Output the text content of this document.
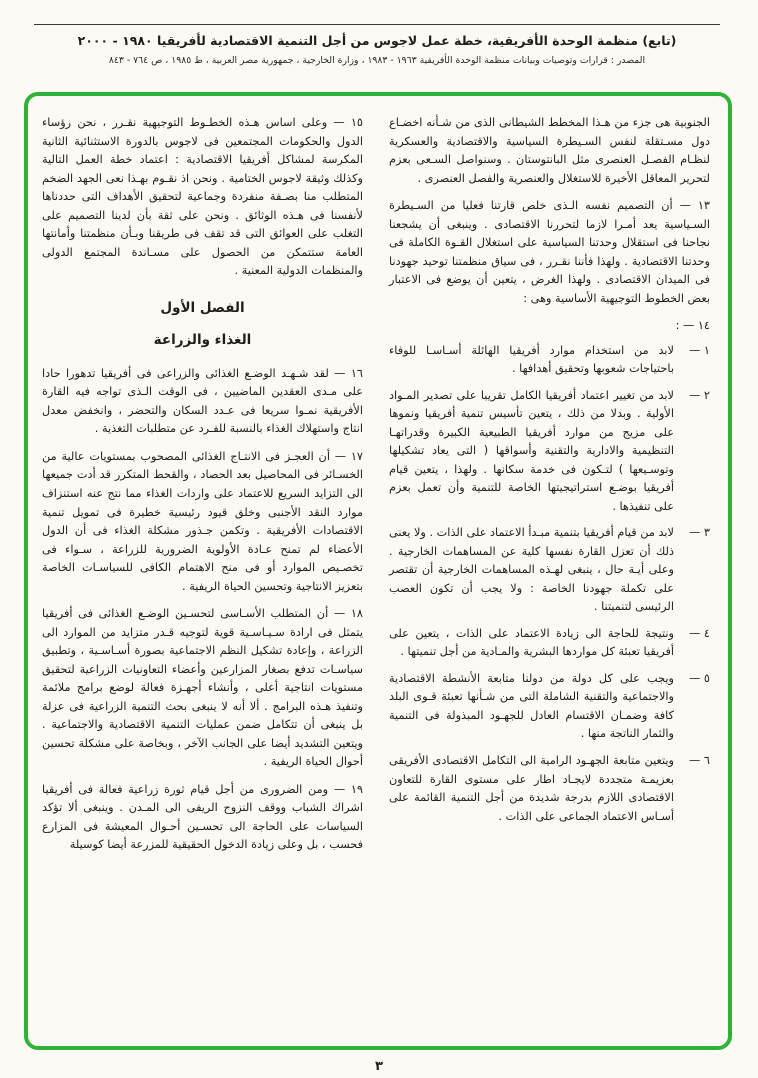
(تابع) منظمة الوحدة الأفريقية، خطة عمل لاجوس من أجل التنمية الاقتصادية لأفريقيا ١٩٨٠ - ٢٠٠٠
المصدر : قرارات وتوصيات وبيانات منظمة الوحدة الأفريقية ١٩٦٣ - ١٩٨٣ ، وزارة الخارجية ، جمهورية مصر العربية ، ط ١٩٨٥ ، ص ٧٦٤ - ٨٤٣

الجنوبية هى جزء من هـذا المخطط الشيطانى الذى من شـأنه اخضـاع دول مسـتقلة لنفس السـيطرة السياسية والاقتصادية والعسكرية لنظـام الفصـل العنصرى مثل البانتوستان . وسنواصل السـعى بعزم لتحرير المعاقل الأخيرة للاستغلال والعنصرية والفصل العنصرى .

١٣ — أن التصميم نفسه الـذى خلص قارتنا فعليا من السـيطرة السـياسية يعد أمـرا لازما لتحررنا الاقتصادى . وينبغى أن يشجعنا نجاحنا فى استقلال وحدتنا السياسية على استغلال القـوة الكاملة فى وحدتنا الاقتصادية . ولهذا فأننا نقـرر ، فى سياق منظمتنا توحيد جهودنا فى الميدان الاقتصادى . ولهذا الغرض ، يتعين أن يوضع فى الاعتبار بعض الخطوط التوجيهية الأساسية وهى :

١٤ — :

١ —
لابد من استخدام موارد أفريقيا الهائلة أسـاسـا للوفاء باحتياجات شعوبها وتحقيق أهدافها .
٢ —
لابد من تغيير اعتماد أفريقيا الكامل تقريبا على تصدير المـواد الأولية . وبدلا من ذلك ، يتعين تأسيس تنمية أفريقيا ونموها على مزيج من موارد أفريقيا الطبيعية الكبيرة وقدراتهـا التنظيمية والادارية والتقنية وأسواقها ( التى يعاد تشكيلها وتوسـيعها ) لتـكون فى خدمة سكانها . ولهذا ، يتعين قيام أفريقيا بوضـع استراتيجيتها الخاصة للتنمية وأن تعمل بعزم على تنفيذها .
٣ —
لابد من قيام أفريقيا بتنمية مبـدأ الاعتماد على الذات . ولا يعنى ذلك أن تعزل القارة نفسها كلية عن المساهمات الخارجية . وعلى أيـة حال ، ينبغى لهـذه المساهمات الخارجية أن تقتصر على تكملة جهودنا الخاصة : ولا يجب أن تكون العصب الرئيسى لتنميتنا .
٤ —
ونتيجة للحاجة الى زيادة الاعتماد على الذات ، يتعين على أفريقيا تعبئة كل مواردها البشرية والمـادية من أجل تنميتها .
٥ —
ويجب على كل دولة من دولنا متابعة الأنشطة الاقتصادية والاجتماعية والتقنية الشاملة التى من شـأنها تعبئة قـوى البلد كافة وضمـان الاقتسام العادل للجهـود المبذولة فى التنمية والثمار الناتجة منها .
٦ —
ويتعين متابعة الجهـود الرامية الى التكامل الاقتصادى الأفريقى بعزيمـة متجددة لايجـاد اطار على مستوى القارة للتعاون الاقتصادى اللازم بدرجة شديدة من أجل التنمية القائمة على أسـاس الاعتماد الجماعى على الذات .

١٥ — وعلى اساس هـذه الخطـوط التوجيهية نقـرر ، نحن رؤساء الدول والحكومات المجتمعين فى لاجوس بالدورة الاستثنائية الثانية المكرسة لمشاكل أفريقيا الاقتصادية : اعتماد خطة العمل التالية وكذلك وثيقة لاجوس الختامية . ونحن اذ نقـوم بهـذا نعى الجهد الضخم المتطلب منا بصـفة منفردة وجماعية لتحقيق الأهداف التى حددناها لأنفسنا فى هـذه الوثائق . ونحن على ثقة بأن لدينا التصميم على التغلب على العوائق التى قد تقف فى طريقنا وبـأن منظمتنا وأمانتها العامة ستتمكن من الحصول على مسـاندة المجتمع الدولى والمنظمات الدولية المعنية .

الفصل الأول
الغذاء والزراعة

١٦ — لقد شـهـد الوضـع الغذائى والزراعى فى أفريقيا تدهورا حادا على مـدى العقدين الماضيين ، فى الوقت الـذى تواجه فيه القارة الأفريقية نمـوا سريعا فى عـدد السكان والتحضر ، وانخفض معدل انتاج واستهلاك الغذاء بالنسبة للفـرد عن متطلبات التغذية .

١٧ — أن العجـز فى الانتـاج الغذائى المصحوب بمستويات عالية من الخسـائر فى المحاصيل بعد الحصاد ، والقحط المتكرر قد أدت جميعها الى التزايد السريع للاعتماد على واردات الغذاء مما نتج عنه استنزاف موارد النقد الأجنبى وخلق قيود رئيسية خطيرة فى تمويل تنمية الاقتصادات الأفريقية . وتكمن جـذور مشكلة الغذاء فى أن الدول الأعضاء لم تمنح عـادة الأولوية الضرورية للزراعة ، سـواء فى تخصـيص الموارد أو فى منح الاهتمام الكافى للسياسـات الخاصة بتعزيز الانتاجية وتحسين الحياة الريفية .

١٨ — أن المتطلب الأسـاسى لتحسـين الوضـع الغذائى فى أفريقيا يتمثل فى ارادة سـيـاسـية قوية لتوجيه قـدر متزايد من الموارد الى الزراعة ، وإعادة تشكيل النظم الاجتماعية بصورة أسـاسـية ، وتطبيق سياسـات تدفع بصغار المزارعين وأعضاء التعاونيات الزراعية لتحقيق مستويات انتاجية أعلى ، وأنشاء أجهـزة فعالة لوضع برامج ملائمة وتنفيذ هـذه البرامج . ألا أنه لا ينبغى بحث التنمية الزراعية فى عزلة بل ينبغى أن تتكامل ضمن عمليات التنمية الاقتصادية والاجتماعية . ويتعين التشديد أيضا على الجانب الآخر ، وبخاصة على مشكلة تحسين أحوال الحياة الريفية .

١٩ — ومن الضرورى من أجل قيام ثورة زراعية فعالة فى أفريقيا اشراك الشباب ووقف النزوح الريفى الى المـدن . وينبغى ألا تؤكد السياسات على الحاجة الى تحسـين أحـوال المعيشة فى المزارع فحسب ، بل وعلى زيادة الدخول الحقيقية للمزرعة أيضا كوسيلة

٣
